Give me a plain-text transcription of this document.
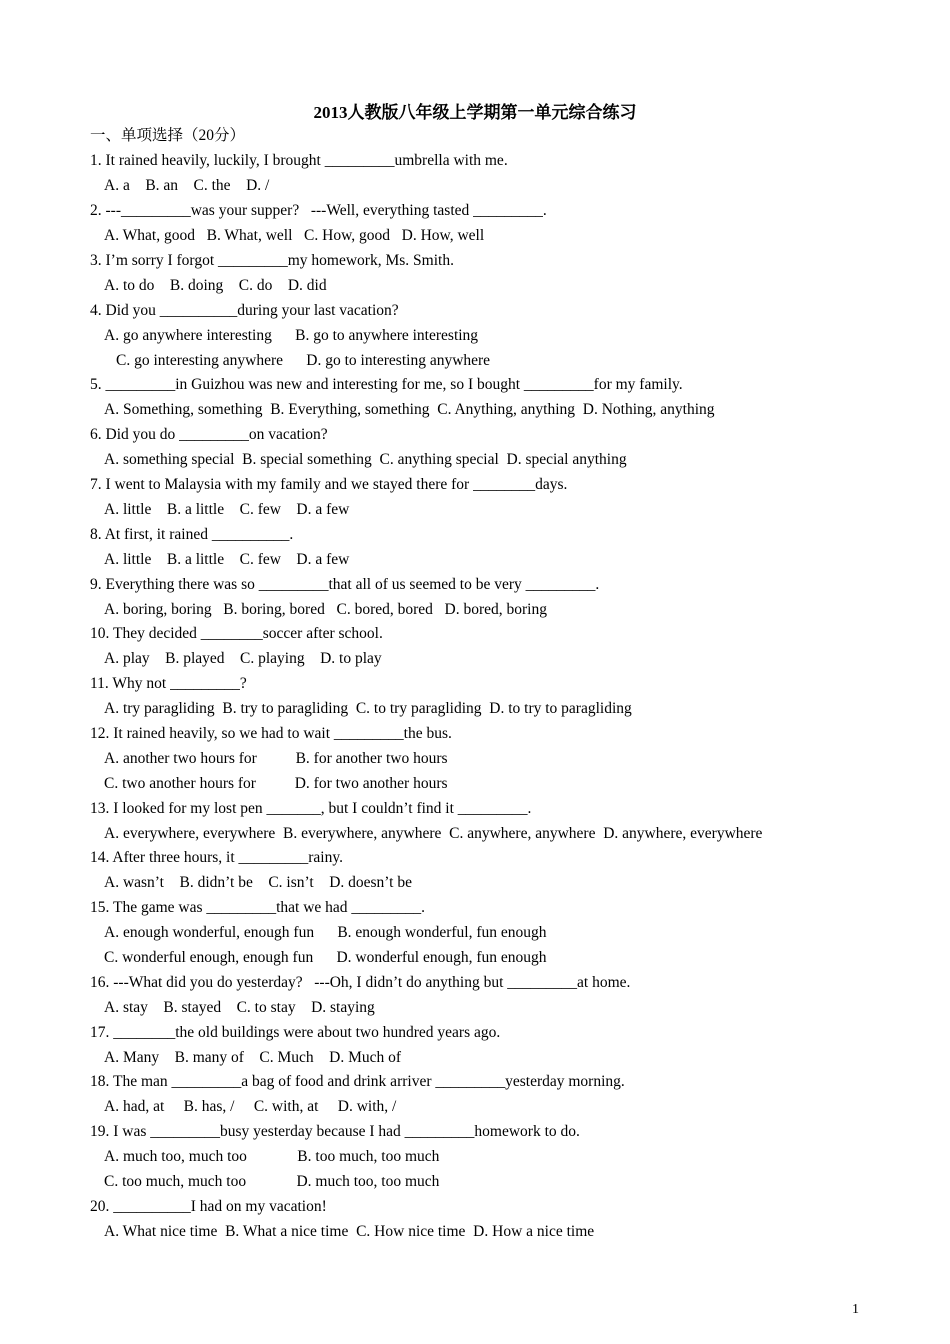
2013人教版八年级上学期第一单元综合练习
一、单项选择（20分）
1. It rained heavily, luckily, I brought _________umbrella with me.
A. a    B. an    C. the    D. /
2. ---_________was your supper?   ---Well, everything tasted _________.
A. What, good   B. What, well   C. How, good   D. How, well
3. I’m sorry I forgot _________my homework, Ms. Smith.
A. to do    B. doing    C. do    D. did
4. Did you __________during your last vacation?
A. go anywhere interesting      B. go to anywhere interesting
C. go interesting anywhere      D. go to interesting anywhere
5. _________in Guizhou was new and interesting for me, so I bought _________for my family.
A. Something, something  B. Everything, something  C. Anything, anything  D. Nothing, anything
6. Did you do _________on vacation?
A. something special  B. special something  C. anything special  D. special anything
7. I went to Malaysia with my family and we stayed there for ________days.
A. little    B. a little    C. few    D. a few
8. At first, it rained __________.
A. little    B. a little    C. few    D. a few
9. Everything there was so _________that all of us seemed to be very _________.
A. boring, boring   B. boring, bored   C. bored, bored   D. bored, boring
10. They decided ________soccer after school.
A. play    B. played    C. playing    D. to play
11. Why not _________?
A. try paragliding  B. try to paragliding  C. to try paragliding  D. to try to paragliding
12. It rained heavily, so we had to wait _________the bus.
A. another two hours for          B. for another two hours
C. two another hours for          D. for two another hours
13. I looked for my lost pen _______, but I couldn’t find it _________.
A. everywhere, everywhere  B. everywhere, anywhere  C. anywhere, anywhere  D. anywhere, everywhere
14. After three hours, it _________rainy.
A. wasn’t    B. didn’t be    C. isn’t    D. doesn’t be
15. The game was _________that we had _________.
A. enough wonderful, enough fun      B. enough wonderful, fun enough
C. wonderful enough, enough fun      D. wonderful enough, fun enough
16. ---What did you do yesterday?   ---Oh, I didn’t do anything but _________at home.
A. stay    B. stayed    C. to stay    D. staying
17. ________the old buildings were about two hundred years ago.
A. Many    B. many of    C. Much    D. Much of
18. The man _________a bag of food and drink arriver _________yesterday morning.
A. had, at     B. has, /     C. with, at     D. with, /
19. I was _________busy yesterday because I had _________homework to do.
A. much too, much too             B. too much, too much
C. too much, much too             D. much too, too much
20. __________I had on my vacation!
A. What nice time  B. What a nice time  C. How nice time  D. How a nice time
1
